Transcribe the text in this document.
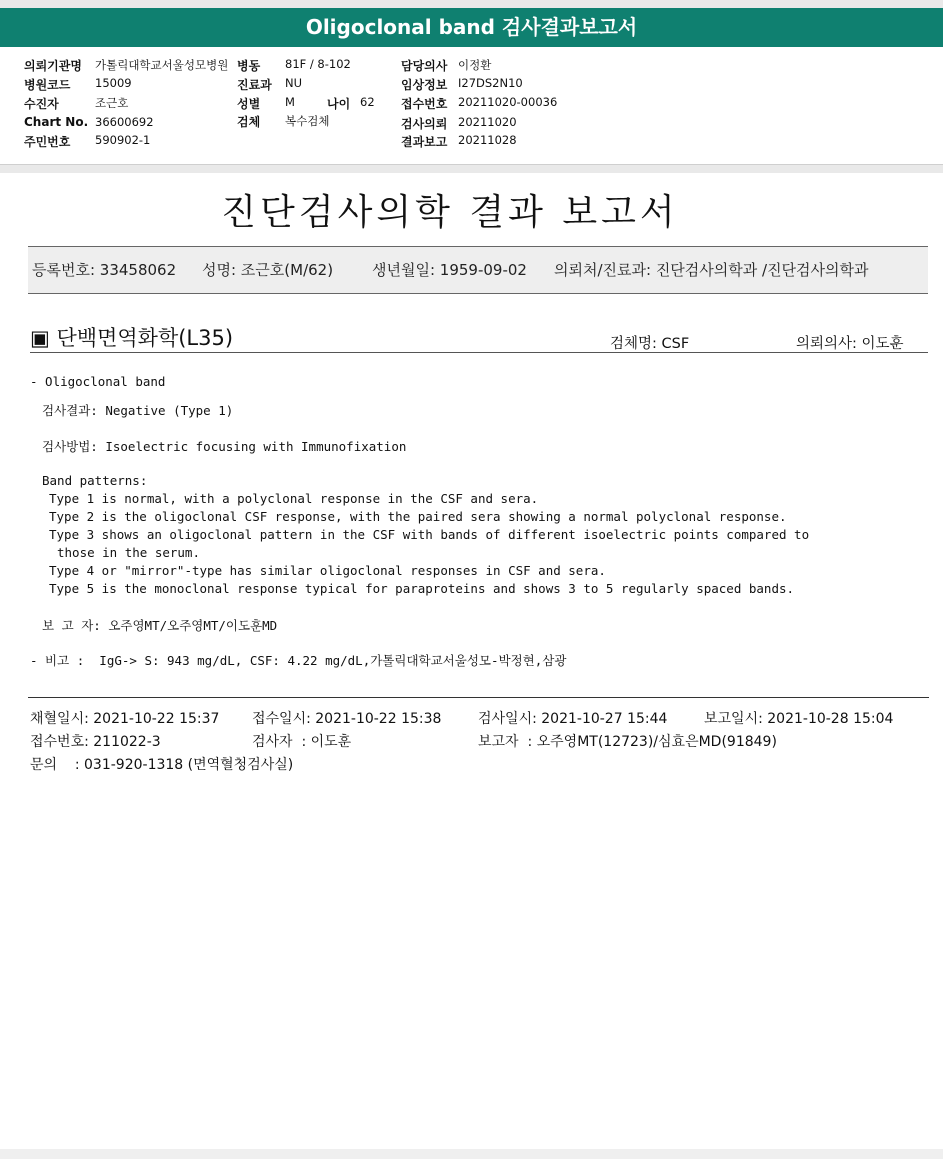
Oligoclonal band 검사결과보고서
의뢰기관명 가톨릭대학교서울성모병원 병동 81F / 8-102	담당의사 이정환
병원코드 15009	진료과 NU	임상정보 I27DS2N10
수진자	조근호	성별 M	나이 62 접수번호 20211020-00036
Chart No. 36600692	검체 복수검체	검사의뢰 20211020
주민번호 590902-1	결과보고 20211028
진단검사의학 결과 보고서
등록번호: 33458062 성명: 조근호(M/62)	생년월일: 1959-09-02 의뢰처/진료과: 진단검사의학과 /진단검사의학과
▣ 단백면역화학(L35)	검체명: CSF	의뢰의사: 이도훈
- Oligoclonal band
검사결과: Negative (Type 1)
검사방법: Isoelectric focusing with Immunofixation
Band patterns:
Type 1 is normal, with a polyclonal response in the CSF and sera.
Type 2 is the oligoclonal CSF response, with the paired sera showing a normal polyclonal response.
Type 3 shows an oligoclonal pattern in the CSF with bands of different isoelectric points compared to
those in the serum.
Type 4 or "mirror"-type has similar oligoclonal responses in CSF and sera.
Type 5 is the monoclonal response typical for paraproteins and shows 3 to 5 regularly spaced bands.
보 고 자: 오주영MT/오주영MT/이도훈MD
- 비고 :  IgG-> S: 943 mg/dL, CSF: 4.22 mg/dL,가톨릭대학교서울성모-박정현,삼광
채혈일시: 2021-10-22 15:37 접수일시: 2021-10-22 15:38	검사일시: 2021-10-27 15:44	보고일시: 2021-10-28 15:04
접수번호: 211022-3	검사자  : 이도훈	보고자  : 오주영MT(12723)/심효은MD(91849)
문의    : 031-920-1318 (면역혈청검사실)
